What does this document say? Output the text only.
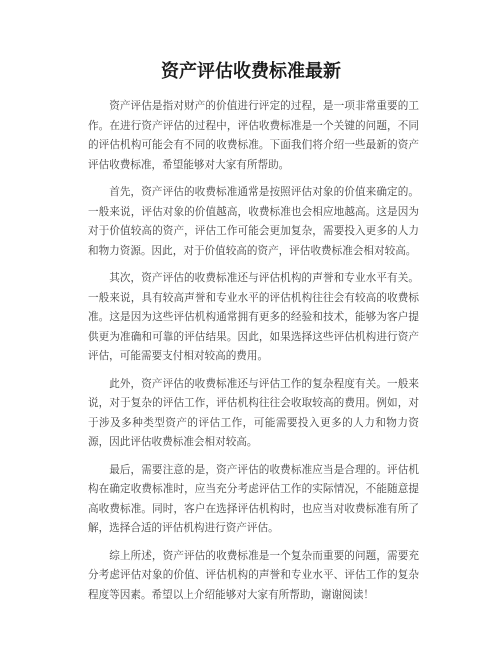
资产评估收费标准最新

资产评估是指对财产的价值进行评定的过程，是一项非常重要的工作。在进行资产评估的过程中，评估收费标准是一个关键的问题，不同的评估机构可能会有不同的收费标准。下面我们将介绍一些最新的资产评估收费标准，希望能够对大家有所帮助。

首先，资产评估的收费标准通常是按照评估对象的价值来确定的。一般来说，评估对象的价值越高，收费标准也会相应地越高。这是因为对于价值较高的资产，评估工作可能会更加复杂，需要投入更多的人力和物力资源。因此，对于价值较高的资产，评估收费标准会相对较高。

其次，资产评估的收费标准还与评估机构的声誉和专业水平有关。一般来说，具有较高声誉和专业水平的评估机构往往会有较高的收费标准。这是因为这些评估机构通常拥有更多的经验和技术，能够为客户提供更为准确和可靠的评估结果。因此，如果选择这些评估机构进行资产评估，可能需要支付相对较高的费用。

此外，资产评估的收费标准还与评估工作的复杂程度有关。一般来说，对于复杂的评估工作，评估机构往往会收取较高的费用。例如，对于涉及多种类型资产的评估工作，可能需要投入更多的人力和物力资源，因此评估收费标准会相对较高。

最后，需要注意的是，资产评估的收费标准应当是合理的。评估机构在确定收费标准时，应当充分考虑评估工作的实际情况，不能随意提高收费标准。同时，客户在选择评估机构时，也应当对收费标准有所了解，选择合适的评估机构进行资产评估。

综上所述，资产评估的收费标准是一个复杂而重要的问题，需要充分考虑评估对象的价值、评估机构的声誉和专业水平、评估工作的复杂程度等因素。希望以上介绍能够对大家有所帮助，谢谢阅读！
